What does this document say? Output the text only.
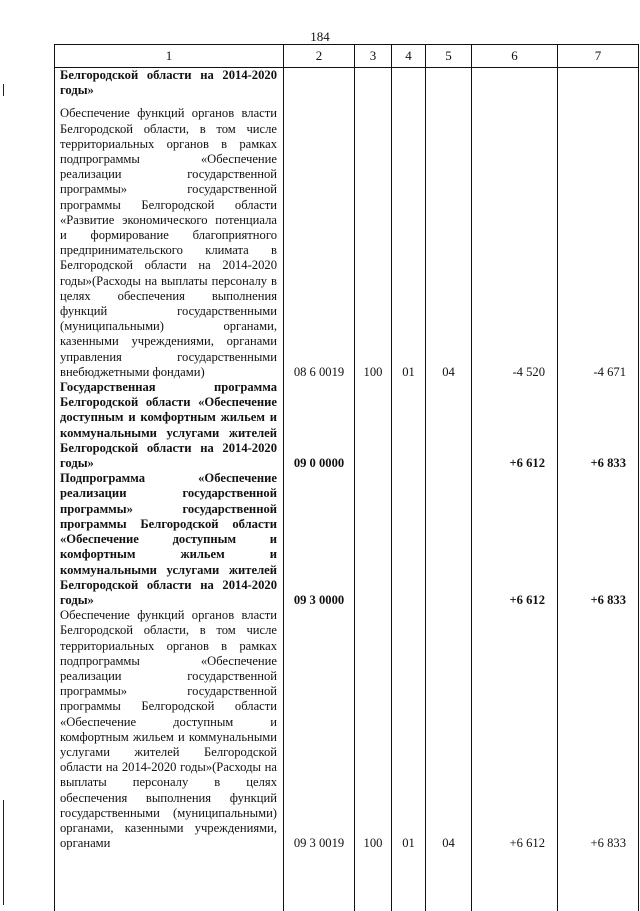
184
1	2	3	4	5	6	7
Белгородской области на 2014-2020 годы»						
Обеспечение функций органов власти Белгородской области, в том числе территориальных органов в рамках подпрограммы «Обеспечение реализации государственной программы» государственной программы Белгородской области «Развитие экономического потенциала и формирование благоприятного предпринимательского климата в Белгородской области на 2014-2020 годы»(Расходы на выплаты персоналу в целях обеспечения выполнения функций государственными (муниципальными) органами, казенными учреждениями, органами управления государственными внебюджетными фондами)	08 6 0019	100	01	04	-4 520	-4 671
Государственная программа Белгородской области «Обеспечение доступным и комфортным жильем и коммунальными услугами жителей Белгородской области на 2014-2020 годы»	09 0 0000				+6 612	+6 833
Подпрограмма «Обеспечение реализации государственной программы» государственной программы Белгородской области «Обеспечение доступным и комфортным жильем и коммунальными услугами жителей Белгородской области на 2014-2020 годы»	09 3 0000				+6 612	+6 833
Обеспечение функций органов власти Белгородской области, в том числе территориальных органов в рамках подпрограммы «Обеспечение реализации государственной программы» государственной программы Белгородской области «Обеспечение доступным и комфортным жильем и коммунальными услугами жителей Белгородской области на 2014-2020 годы»(Расходы на выплаты персоналу в целях обеспечения выполнения функций государственными (муниципальными) органами, казенными учреждениями, органами	09 3 0019	100	01	04	+6 612	+6 833
